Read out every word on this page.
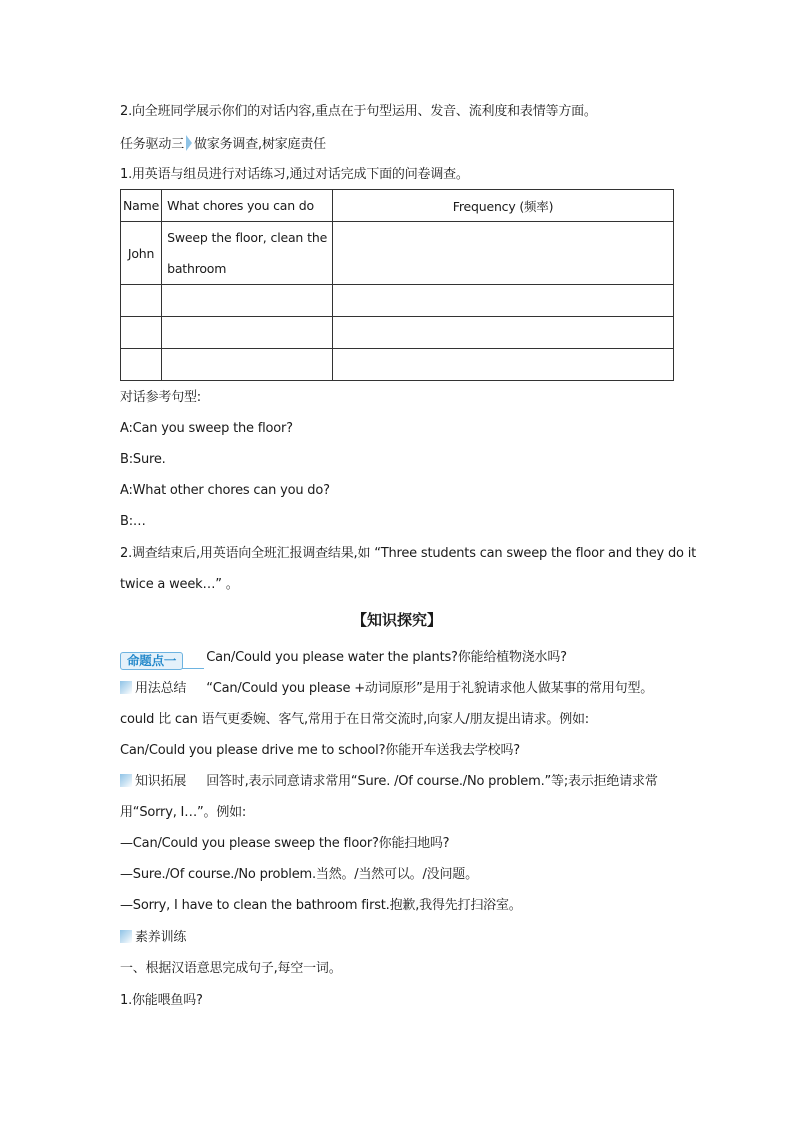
2.向全班同学展示你们的对话内容,重点在于句型运用、发音、流利度和表情等方面。
任务驱动三 做家务调查,树家庭责任
1.用英语与组员进行对话练习,通过对话完成下面的问卷调查。
Name	What chores you can do	Frequency (频率)
John	Sweep the floor, clean the bathroom	

对话参考句型:
A:Can you sweep the floor?
B:Sure.
A:What other chores can you do?
B:…
2.调查结束后,用英语向全班汇报调查结果,如 “Three students can sweep the floor and they do it
twice a week…” 。
【知识探究】
命题点一	Can/Could you please water the plants?你能给植物浇水吗?
用法总结 “Can/Could you please +动词原形”是用于礼貌请求他人做某事的常用句型。
could 比 can 语气更委婉、客气,常用于在日常交流时,向家人/朋友提出请求。例如:
Can/Could you please drive me to school?你能开车送我去学校吗?
知识拓展 回答时,表示同意请求常用“Sure. /Of course./No problem.”等;表示拒绝请求常
用“Sorry, I…”。例如:
—Can/Could you please sweep the floor?你能扫地吗?
—Sure./Of course./No problem.当然。/当然可以。/没问题。
—Sorry, I have to clean the bathroom first.抱歉,我得先打扫浴室。
素养训练
一、根据汉语意思完成句子,每空一词。
1.你能喂鱼吗?
